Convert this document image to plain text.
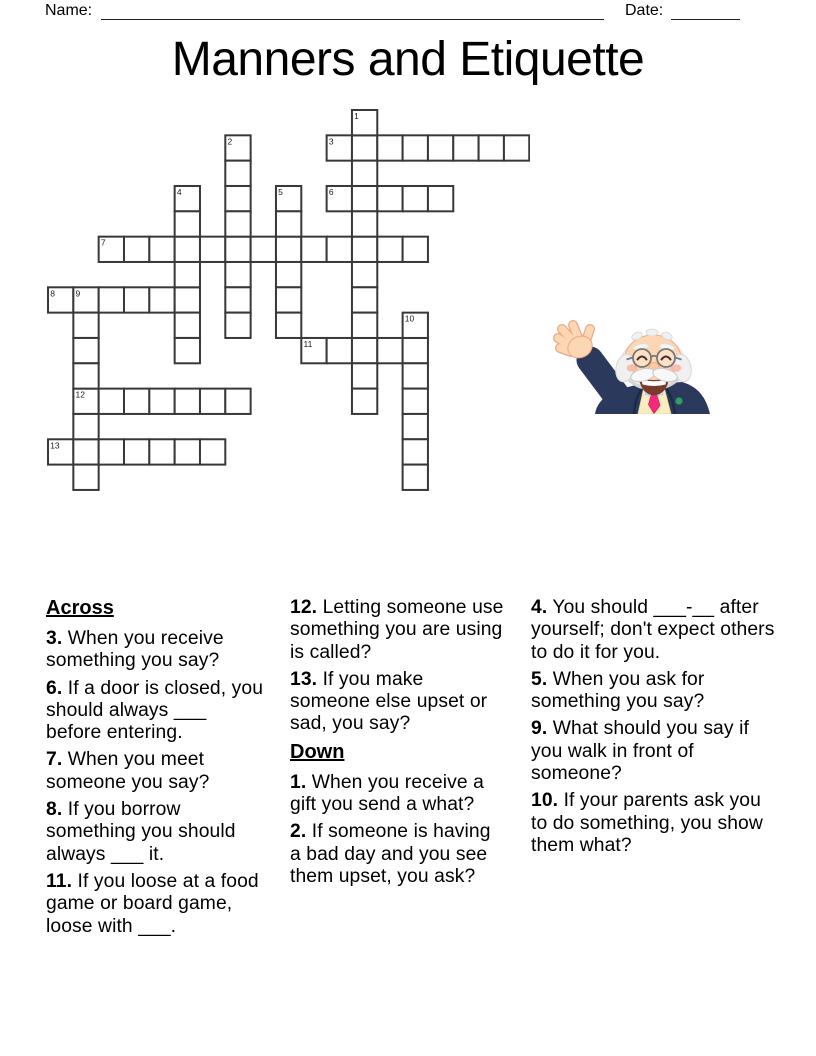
Name:	Date:
Manners and Etiquette
1
2	3
4	5	6
7
8 9
10
11
12
13
Across

3. When you receive something you say?

6. If a door is closed, you should always ___ before entering.

7. When you meet someone you say?

8. If you borrow something you should always ___ it.

11. If you loose at a food game or board game, loose with ___.

12. Letting someone use something you are using is called?

13. If you make someone else upset or sad, you say?

Down

1. When you receive a gift you send a what?

2. If someone is having a bad day and you see them upset, you ask?

4. You should ___-__ after yourself; don't expect others to do it for you.

5. When you ask for something you say?

9. What should you say if you walk in front of someone?

10. If your parents ask you to do something, you show them what?
